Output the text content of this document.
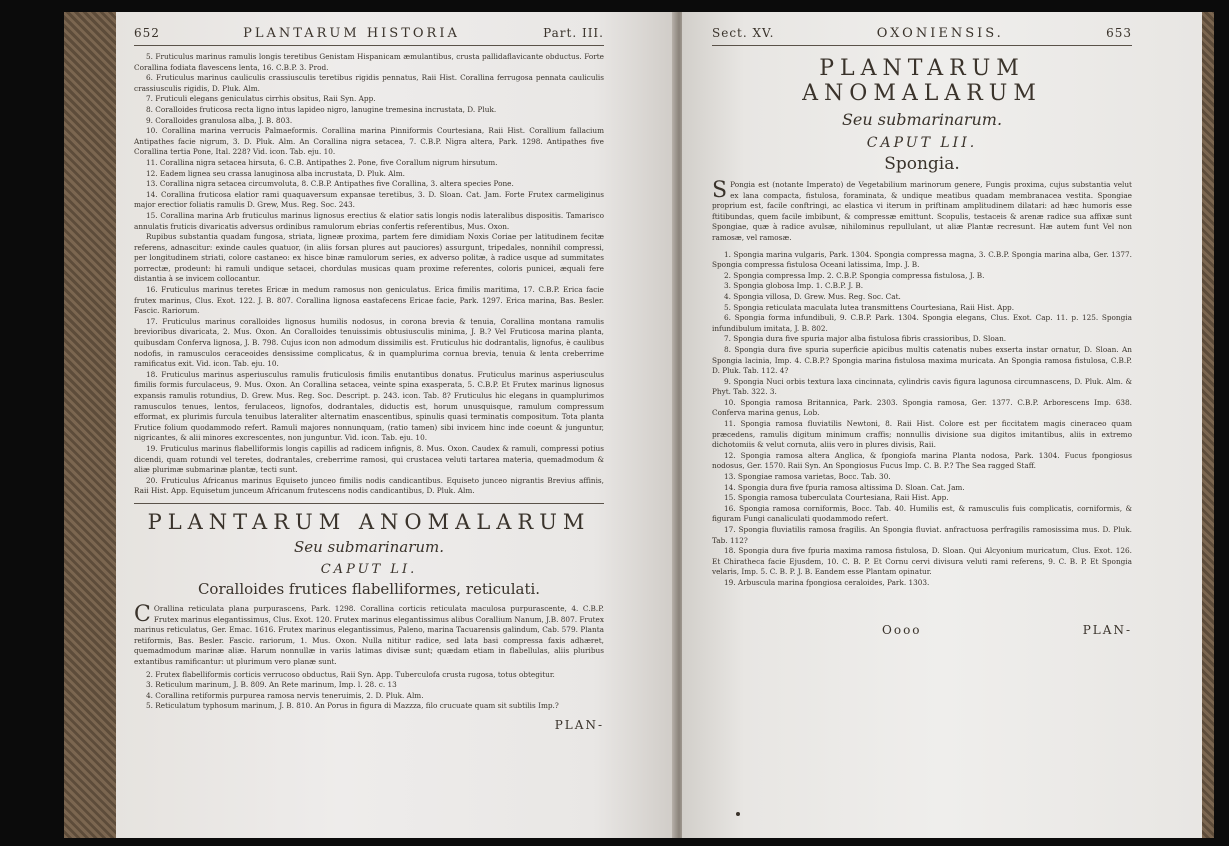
652	PLANTARUM HISTORIA	Part. III.

5. Fruticulus marinus ramulis longis teretibus Genistam Hispanicam æmulantibus, crusta pallidaflavicante obductus. Forte Corallina fodiata flavescens lenta, 16. C.B.P. 3. Prod.

6. Fruticulus marinus cauliculis crassiusculis teretibus rigidis pennatus, Raii Hist. Corallina ferrugosa pennata cauliculis crassiusculis rigidis, D. Pluk. Alm.

7. Fruticuli elegans geniculatus cirrhis obsitus, Raii Syn. App.

8. Coralloides fruticosa recta ligno intus lapideo nigro, lanugine tremesina incrustata, D. Pluk.

9. Coralloides granulosa alba, J. B. 803.

10. Corallina marina verrucis Palmaeformis. Corallina marina Pinniformis Courtesiana, Raii Hist. Corallium fallacium Antipathes facie nigrum, 3. D. Pluk. Alm. An Corallina nigra setacea, 7. C.B.P. Nigra altera, Park. 1298. Antipathes five Corallina tertia Pone, Ital. 228? Vid. icon. Tab. eju. 10.

11. Corallina nigra setacea hirsuta, 6. C.B. Antipathes 2. Pone, five Corallum nigrum hirsutum.

12. Eadem lignea seu crassa lanuginosa alba incrustata, D. Pluk. Alm.

13. Corallina nigra setacea circumvoluta, 8. C.B.P. Antipathes five Corallina, 3. altera species Pone.

14. Corallina fruticosa elatior rami quaquaversum expansae teretibus, 3. D. Sloan. Cat. Jam. Forte Frutex carmeliginus major erectior foliatis ramulis D. Grew, Mus. Reg. Soc. 243.

15. Corallina marina Arb fruticulus marinus lignosus erectius & elatior satis longis nodis lateralibus dispositis. Tamarisco annulatis fruticis divaricatis adversus ordinibus ramulorum ebrias confertis referentibus, Mus. Oxon.

Rupibus substantia quadam fungosa, striata, ligneæ proxima, partem fere dimidiam Noxis Coriae per latitudinem fecitæ referens, adnascitur: exinde caules quatuor, (in aliis forsan plures aut pauciores) assurgunt, tripedales, nonnihil compressi, per longitudinem striati, colore castaneo: ex hisce binæ ramulorum series, ex adverso politæ, à radice usque ad summitates porrectæ, prodeunt: hi ramuli undique setacei, chordulas musicas quam proxime referentes, coloris punicei, æquali fere distantia à se invicem collocantur.

16. Fruticulus marinus teretes Ericæ in medum ramosus non geniculatus. Erica fimilis maritima, 17. C.B.P. Erica facie frutex marinus, Clus. Exot. 122. J. B. 807. Corallina lignosa eastafecens Ericae facie, Park. 1297. Erica marina, Bas. Besler. Fascic. Rariorum.

17. Fruticulus marinus coralloides lignosus humilis nodosus, in corona brevia & tenuia, Corallina montana ramulis brevioribus divaricata, 2. Mus. Oxon. An Coralloides tenuissimis obtusiusculis minima, J. B.? Vel Fruticosa marina planta, quibusdam Conferva lignosa, J. B. 798. Cujus icon non admodum dissimilis est. Fruticulus hic dodrantalis, lignofus, è caulibus nodofis, in ramusculos ceraceoides densissime complicatus, & in quamplurima cornua brevia, tenuia & lenta creberrime ramificatus exit. Vid. icon. Tab. eju. 10.

18. Fruticulus marinus asperiusculus ramulis fruticulosis fimilis enutantibus donatus. Fruticulus marinus asperiusculus fimilis formis furculaceus, 9. Mus. Oxon. An Corallina setacea, veinte spina exasperata, 5. C.B.P. Et Frutex marinus lignosus expansis ramulis rotundius, D. Grew. Mus. Reg. Soc. Descript. p. 243. icon. Tab. 8? Fruticulus hic elegans in quamplurimos ramusculos tenues, lentos, ferulaceos, lignofos, dodrantales, diductis est, horum unusquisque, ramulum compressum efformat, ex plurimis furcula tenuibus lateraliter alternatim enascentibus, spinulis quasi terminatis compositum. Tota planta Frutice folium quodammodo refert. Ramuli majores nonnunquam, (ratio tamen) sibi invicem hinc inde coeunt & junguntur, nigricantes, & alii minores excrescentes, non junguntur. Vid. icon. Tab. eju. 10.

19. Fruticulus marinus flabelliformis longis capillis ad radicem infignis, 8. Mus. Oxon. Caudex & ramuli, compressi potius dicendi, quam rotundi vel teretes, dodrantales, creberrime ramosi, qui crustacea veluti tartarea materia, quemadmodum & aliæ plurimæ submarinæ plantæ, tecti sunt.

20. Fruticulus Africanus marinus Equiseto junceo fimilis nodis candicantibus. Equiseto junceo nigrantis Brevius affinis, Raii Hist. App. Equisetum junceum Africanum frutescens nodis candicantibus, D. Pluk. Alm.

PLANTARUM ANOMALARUM
Seu submarinarum.
CAPUT LI.
Coralloides frutices flabelliformes, reticulati.
C Orallina reticulata plana purpurascens, Park. 1298. Corallina corticis reticulata maculosa purpurascente, 4. C.B.P. Frutex marinus elegantissimus, Clus. Exot. 120. Frutex marinus elegantissimus alibus Corallium Nanum, J.B. 807. Frutex marinus reticulatus, Ger. Emac. 1616. Frutex marinus elegantissimus, Paleno, marina Tacuarensis galindum, Cab. 579. Planta retiformis, Bas. Besler. Fascic. rariorum, 1. Mus. Oxon. Nulla nititur radice, sed lata basi compressa faxis adhæret, quemadmodum marinæ aliæ. Harum nonnullæ in variis latimas divisæ sunt; quædam etiam in flabellulas, aliis pluribus extantibus ramificantur: ut plurimum vero planæ sunt.

2. Frutex flabelliformis corticis verrucoso obductus, Raii Syn. App. Tuberculofa crusta rugosa, totus obtegitur.

3. Reticulum marinum, J. B. 809. An Rete marinum, Imp. l. 28. c. 13

4. Corallina retiformis purpurea ramosa nervis teneruimis, 2. D. Pluk. Alm.

5. Reticulatum typhosum marinum, J. B. 810. An Porus in figura di Mazzza, filo crucuate quam sit subtilis Imp.?

PLAN-
Sect. XV.	OXONIENSIS.	653
PLANTARUM ANOMALARUM
Seu submarinarum.
CAPUT LII.
Spongia.
S Pongia est (notante Imperato) de Vegetabilium marinorum genere, Fungis proxima, cujus substantia velut ex lana compacta, fistulosa, foraminata, & undique meatibus quadam membranacea vestita. Spongiae proprium est, facile conftringi, ac elastica vi iterum in priftinam amplitudinem dilatari: ad hæc humoris esse ftitibundas, quem facile imbibunt, & compressæ emittunt. Scopulis, testaceis & arenæ radice sua affixæ sunt Spongiae, quæ à radice avulsæ, nihilominus repullulant, ut aliæ Plantæ recresunt. Hæ autem funt Vel non ramosæ, vel ramosæ.

1. Spongia marina vulgaris, Park. 1304. Spongia compressa magna, 3. C.B.P. Spongia marina alba, Ger. 1377. Spongia compressa fistulosa Oceani latissima, Imp. J. B.

2. Spongia compressa Imp. 2. C.B.P. Spongia compressa fistulosa, J. B.

3. Spongia globosa Imp. 1. C.B.P. J. B.

4. Spongia villosa, D. Grew. Mus. Reg. Soc. Cat.

5. Spongia reticulata maculata lutea transmittens Courtesiana, Raii Hist. App.

6. Spongia forma infundibuli, 9. C.B.P. Park. 1304. Spongia elegans, Clus. Exot. Cap. 11. p. 125. Spongia infundibulum imitata, J. B. 802.

7. Spongia dura five spuria major alba fistulosa fibris crassioribus, D. Sloan.

8. Spongia dura five spuria superficie apicibus multis catenatis nubes exserta instar ornatur, D. Sloan. An Spongia lacinia, Imp. 4. C.B.P.? Spongia marina fistulosa maxima muricata. An Spongia ramosa fistulosa, C.B.P. D. Pluk. Tab. 112. 4?

9. Spongia Nuci orbis textura laxa cincinnata, cylindris cavis figura lagunosa circumnascens, D. Pluk. Alm. & Phyt. Tab. 322. 3.

10. Spongia ramosa Britannica, Park. 2303. Spongia ramosa, Ger. 1377. C.B.P. Arborescens Imp. 638. Conferva marina genus, Lob.

11. Spongia ramosa fluviatilis Newtoni, 8. Raii Hist. Colore est per ficcitatem magis cineraceo quam præcedens, ramulis digitum minimum craffis; nonnullis divisione sua digitos imitantibus, aliis in extremo dichotomiis & velut cornuta, aliis vero in plures divisis, Raii.

12. Spongia ramosa altera Anglica, & fpongiofa marina Planta nodosa, Park. 1304. Fucus fpongiosus nodosus, Ger. 1570. Raii Syn. An Spongiosus Fucus Imp. C. B. P.? The Sea ragged Staff.

13. Spongiae ramosa varietas, Bocc. Tab. 30.

14. Spongia dura five fpuria ramosa altissima D. Sloan. Cat. Jam.

15. Spongia ramosa tuberculata Courtesiana, Raii Hist. App.

16. Spongia ramosa corniformis, Bocc. Tab. 40. Humilis est, & ramusculis fuis complicatis, corniformis, & figuram Fungi canaliculati quodammodo refert.

17. Spongia fluviatilis ramosa fragilis. An Spongia fluviat. anfractuosa perfragilis ramosissima mus. D. Pluk. Tab. 112?

18. Spongia dura five fpuria maxima ramosa fistulosa, D. Sloan. Qui Alcyonium muricatum, Clus. Exot. 126. Et Chiratheca facie Ejusdem, 10. C. B. P. Et Cornu cervi divisura veluti rami referens, 9. C. B. P. Et Spongia velaris, Imp. 5. C. B. P. J. B. Eandem esse Plantam opinatur.

19. Arbuscula marina fpongiosa ceraloides, Park. 1303.

Oooo	PLAN-
